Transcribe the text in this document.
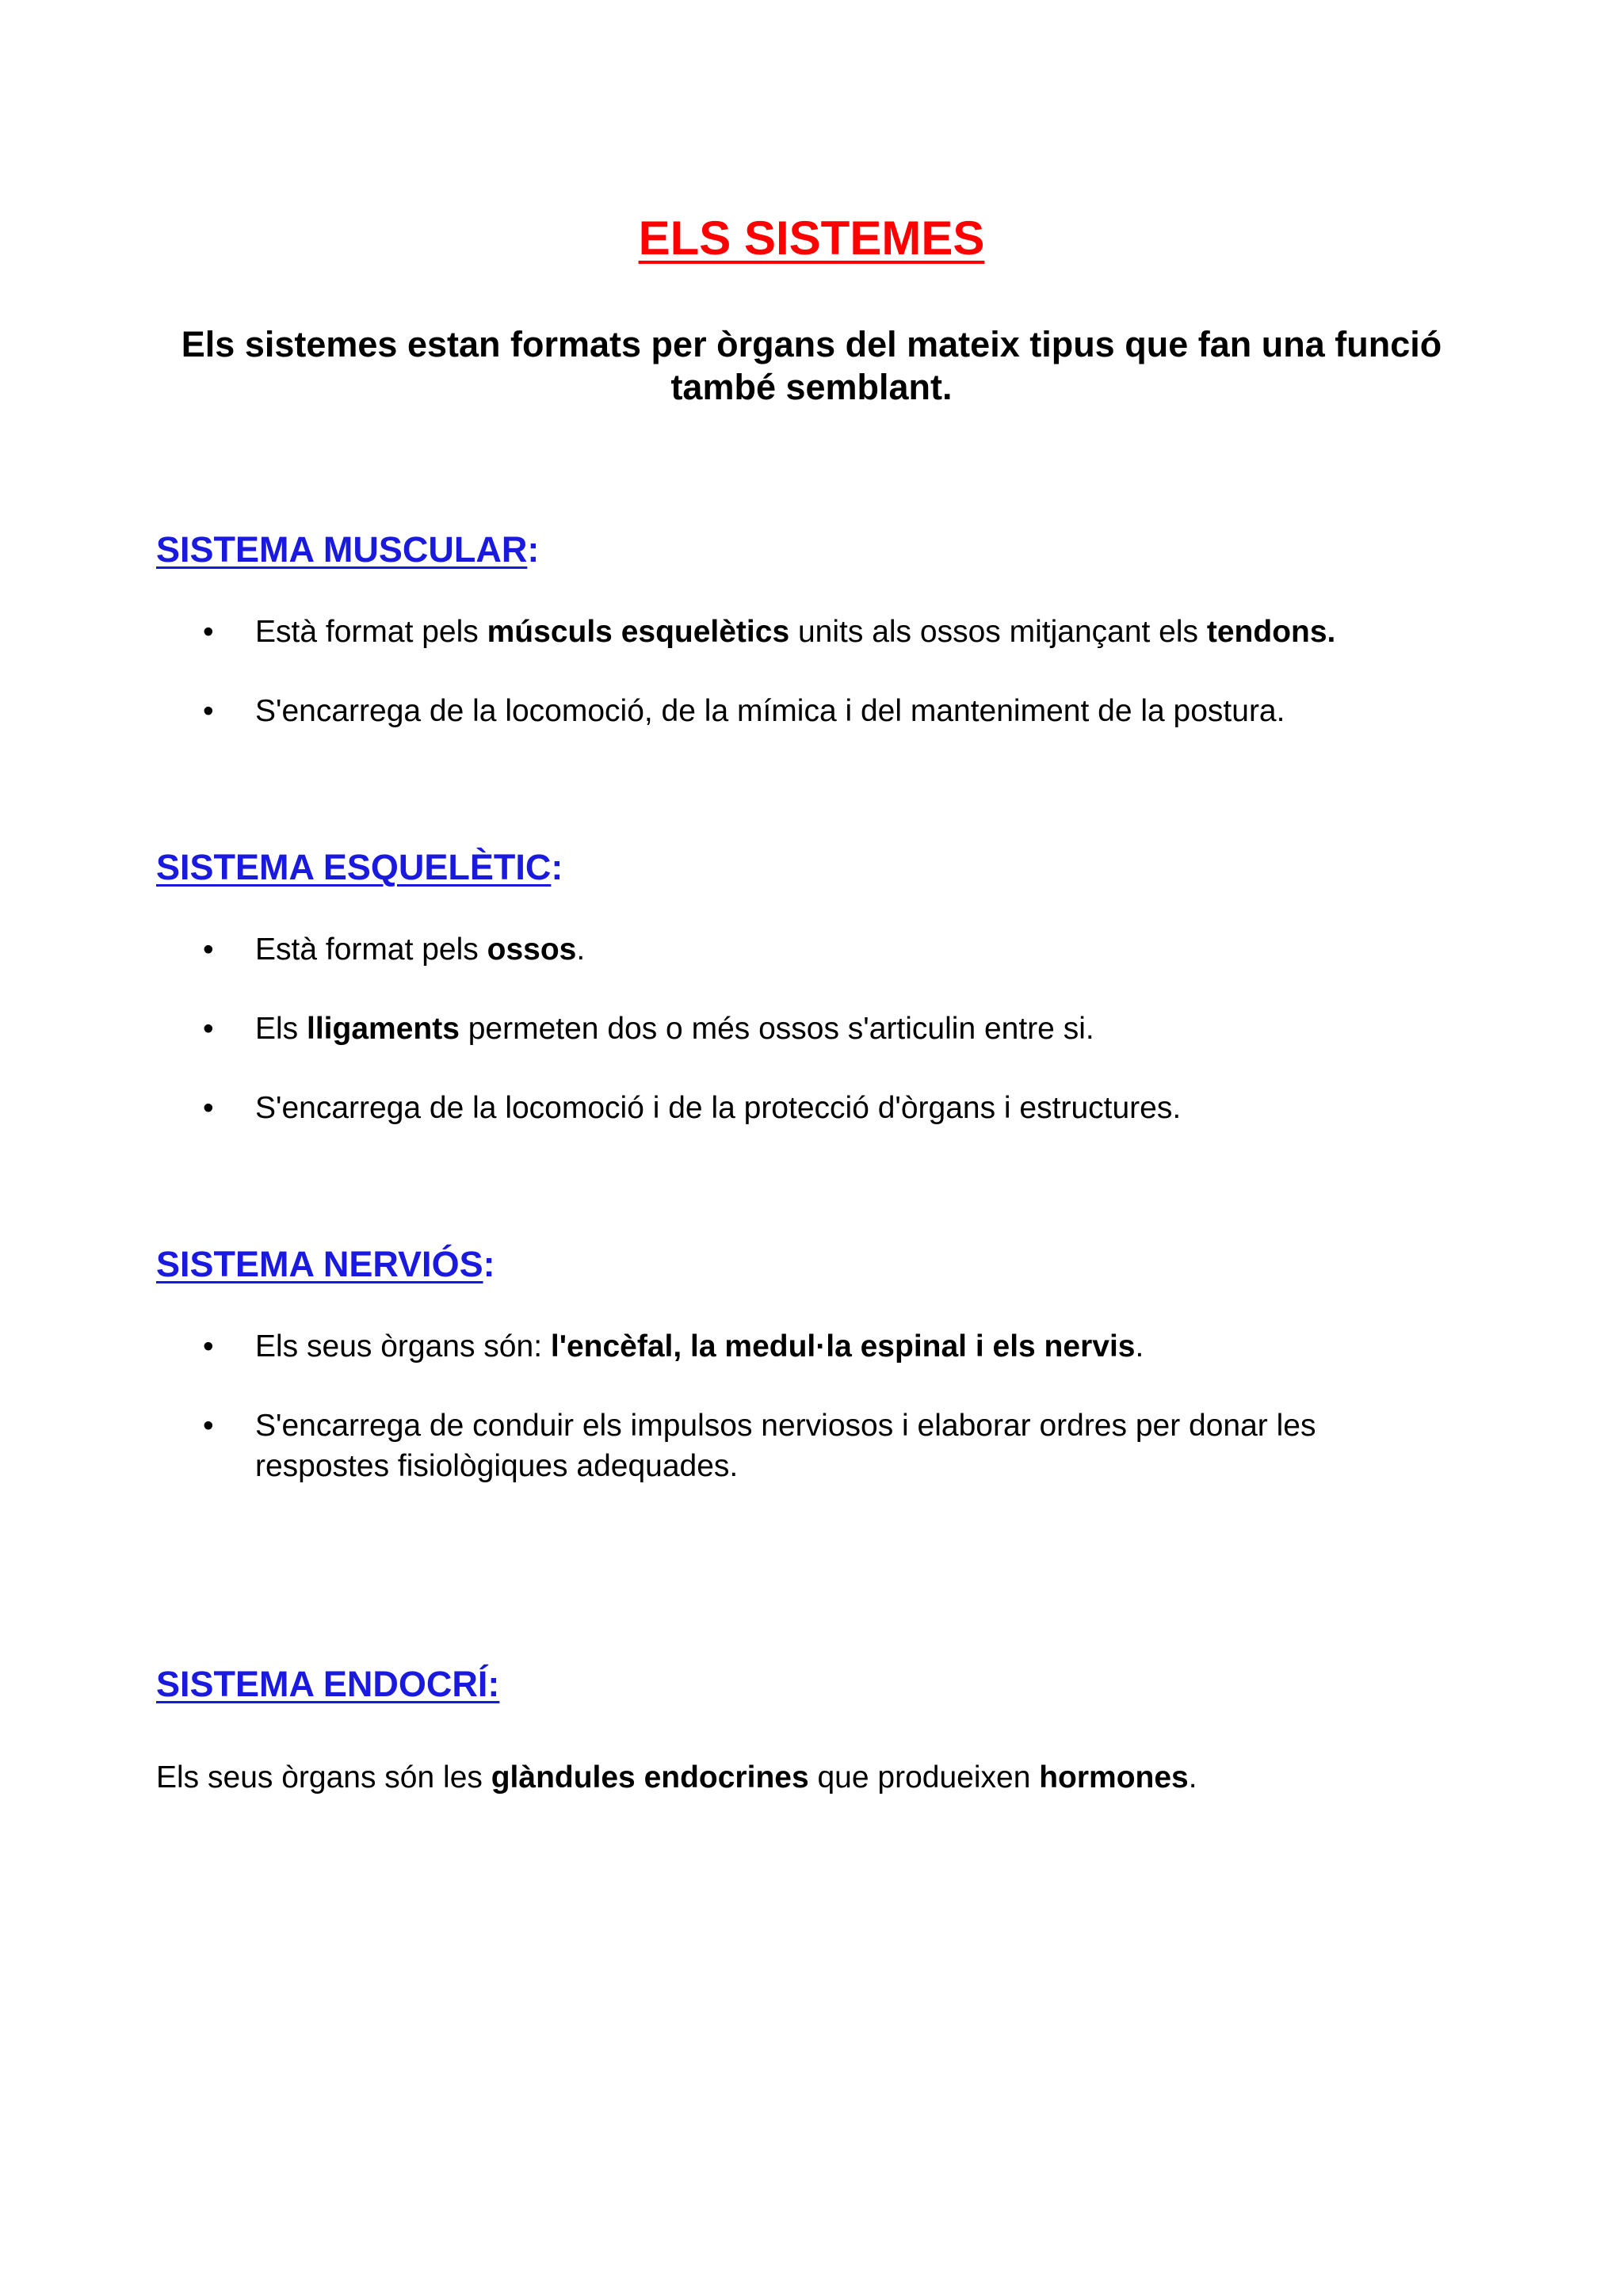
ELS SISTEMES
Els sistemes estan formats per òrgans del mateix tipus que fan una funció també semblant.
SISTEMA MUSCULAR:
• Està format pels músculs esquelètics units als ossos mitjançant els tendons.
• S'encarrega de la locomoció, de la mímica i del manteniment de la postura.
SISTEMA ESQUELÈTIC:
• Està format pels ossos.
• Els lligaments permeten dos o més ossos s'articulin entre si.
• S'encarrega de la locomoció i de la protecció d'òrgans i estructures.
SISTEMA NERVIÓS:
• Els seus òrgans són: l'encèfal, la medul·la espinal i els nervis.
• S'encarrega de conduir els impulsos nerviosos i elaborar ordres per donar les respostes fisiològiques adequades.
SISTEMA ENDOCRÍ:
Els seus òrgans són les glàndules endocrines que produeixen hormones.
